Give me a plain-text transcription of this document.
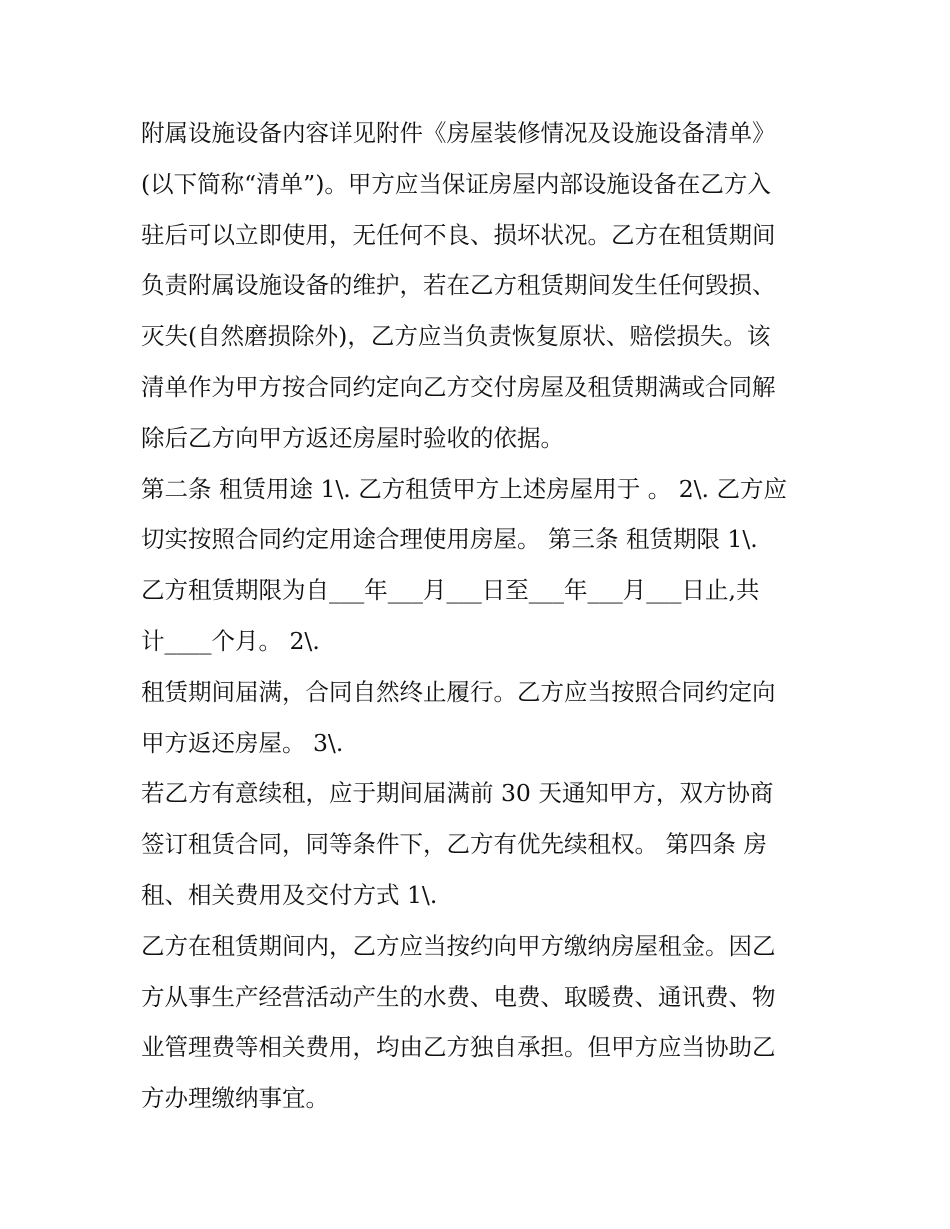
附属设施设备内容详见附件《房屋装修情况及设施设备清单》
(以下简称“清单”)。甲方应当保证房屋内部设施设备在乙方入
驻后可以立即使用，无任何不良、损坏状况。乙方在租赁期间
负责附属设施设备的维护，若在乙方租赁期间发生任何毁损、
灭失(自然磨损除外)，乙方应当负责恢复原状、赔偿损失。该
清单作为甲方按合同约定向乙方交付房屋及租赁期满或合同解
除后乙方向甲方返还房屋时验收的依据。
第二条 租赁用途 1\. 乙方租赁甲方上述房屋用于 。 2\. 乙方应
切实按照合同约定用途合理使用房屋。 第三条 租赁期限 1\.
乙方租赁期限为自___年___月___日至___年___月___日止,共
计____个月。 2\.
租赁期间届满，合同自然终止履行。乙方应当按照合同约定向
甲方返还房屋。 3\.
若乙方有意续租，应于期间届满前 30 天通知甲方，双方协商
签订租赁合同，同等条件下，乙方有优先续租权。 第四条 房
租、相关费用及交付方式 1\.
乙方在租赁期间内，乙方应当按约向甲方缴纳房屋租金。因乙
方从事生产经营活动产生的水费、电费、取暖费、通讯费、物
业管理费等相关费用，均由乙方独自承担。但甲方应当协助乙
方办理缴纳事宜。
